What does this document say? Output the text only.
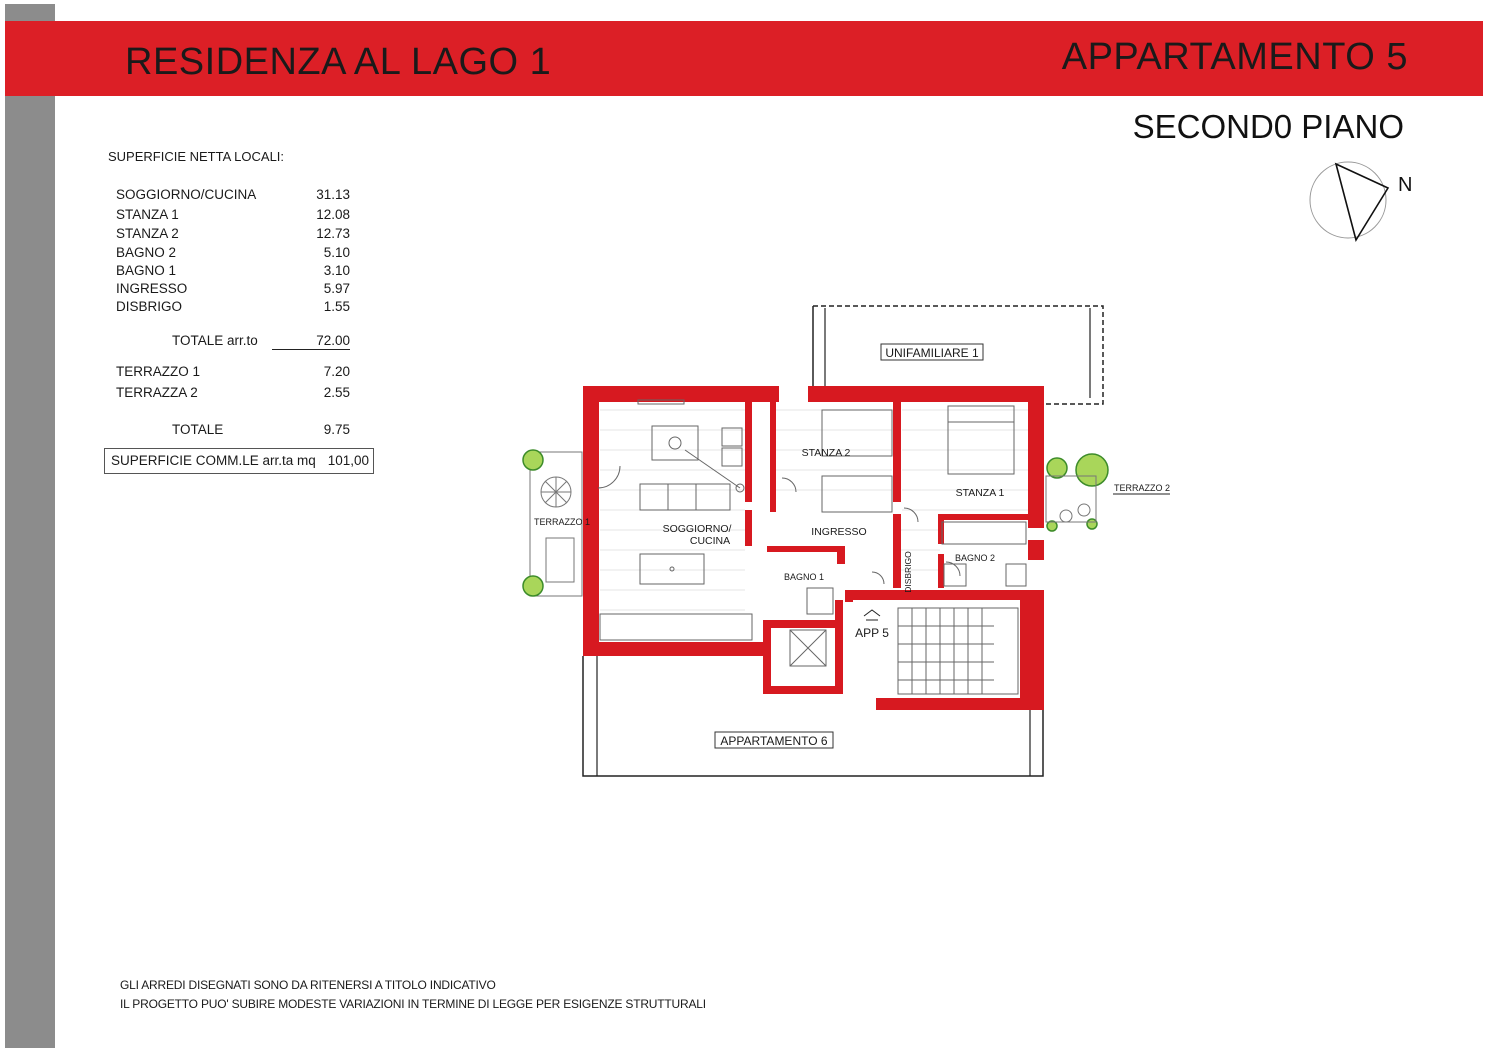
RESIDENZA AL LAGO 1	APPARTAMENTO 5
SECOND0 PIANO
N
SUPERFICIE NETTA LOCALI:
SOGGIORNO/CUCINA	31.13
STANZA 1	12.08
STANZA 2	12.73
BAGNO 2	5.10
BAGNO 1	3.10
INGRESSO	5.97
DISBRIGO	1.55
TOTALE arr.to	72.00
TERRAZZO 1	7.20
TERRAZZA 2	2.55
TOTALE	9.75
SUPERFICIE COMM.LE arr.ta mq 101,00
UNIFAMILIARE 1
APPARTAMENTO 6
SOGGIORNO/
CUCINA
STANZA 2
STANZA 1
INGRESSO
BAGNO 1
BAGNO 2
DISBRIGO
TERRAZZO 1
TERRAZZO 2
APP 5
GLI ARREDI DISEGNATI SONO DA RITENERSI A TITOLO INDICATIVO
IL PROGETTO PUO' SUBIRE MODESTE VARIAZIONI IN TERMINE DI LEGGE PER ESIGENZE STRUTTURALI
